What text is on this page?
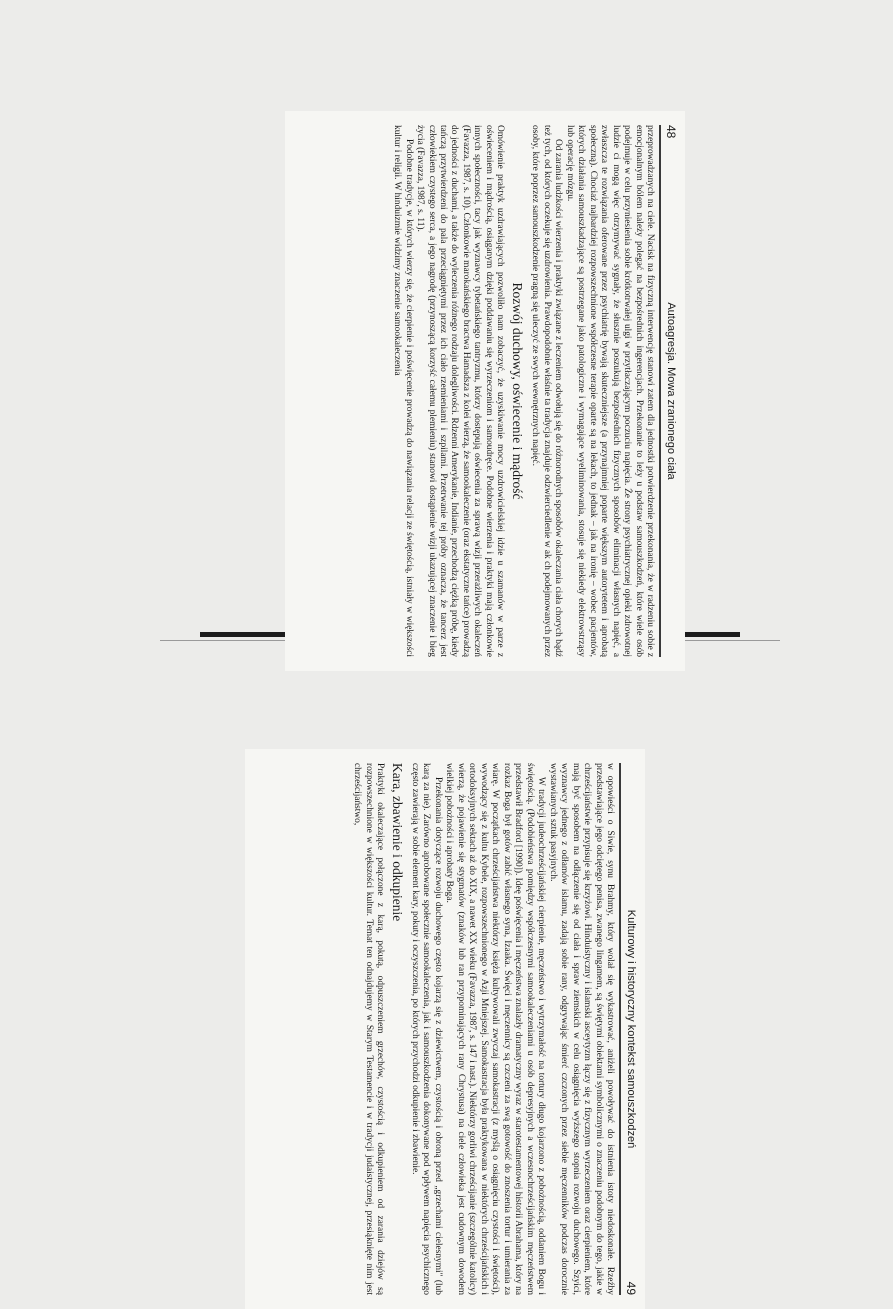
48
Autoagresja. Mowa zranionego ciała

przeprowadzanych na ciele. Nacisk na fizyczną interwencję stanowi zatem dla jednostki potwierdzenie przekonania, że w radzeniu sobie z emocjonalnym bólem należy polegać na bezpośrednich ingerencjach. Przekonanie to leży u podstaw samouszkodzeń, które wiele osób podejmuje w celu przyniesienia sobie krótkotrwałej ulgi w przytłaczającym poczuciu napięcia. Że strony psychiatrycznej opieki zdrowotnej ludzie ci mogą więc otrzymywać sygnały, że słusznie poszukują bezpośrednich fizycznych sposobów eliminacji własnych napięć, a zwłaszcza te rozwiązania oferowane przez psychiatrię bywają skuteczniejsze (a przynajmniej poparte większym autorytetem i aprobatą społeczną). Chociaż najbardziej rozpowszechnione współczesne terapie oparte są na lekach, to jednak – jak na ironię – wobec pacjentów, których działania samouszkadzające są postrzegane jako patologiczne i wymagające wyeliminowania, stosuje się niekiedy elektrowstrząsy lub operację mózgu.

Od zarania ludzkości wierzenia i praktyki związane z leczeniem odwołują się do różnorodnych sposobów okaleczania ciała chorych bądź też tych, od których oczekuje się uzdrowienia. Prawdopodobnie właśnie ta tradycja znajduje odzwierciedlenie w ak ch podejmowanych przez osoby, które poprzez samouszkodzenie pragną się uleczyć ze swych wewnętrznych napięć.

Rozwój duchowy, oświecenie i mądrość

Omówienie praktyk uzdrawiających pozwoliło nam zobaczyć, że uzyskiwanie mocy uzdrowicielskiej idzie u szamanów w parze z oświeceniem i mądrością, osiąganym dzięki poddawaniu się wyrzeczeniom i samoudręce. Podobne wierzenia i praktyki mają członkowie innych społeczności, tacy jak wyznawcy tybetańskiego tantryzmu, którzy dostępują oświecenia za sprawą wizji przerażliwych okaleczeń (Favazza, 1987, s. 10). Członkowie marokańskiego bractwa Hamadsza z kolei wierzą, że samookaleczenie (oraz ekstatyczne tańce) prowadzą do jedności z duchami, a także do wyleczenia różnego rodzaju dolegliwości. Rdzenni Amerykanie, Indianie, przechodzą ciężką próbę, kiedy tańczą przytwierdzeni do pala przeciągniętymi przez ich ciało rzemieniami i szpilami. Przetrwanie tej próby oznacza, że tancerz jest człowiekiem czystego serca, a jego nagrodę (przynoszącą korzyść całemu plemieniu) stanowi dostąpienie wizji ukazującej znaczenie i bieg życia (Favazza, 1987, s. 11).

Podobne tradycje, w których wierzy się, że cierpienie i poświęcenie prowadzą do nawiązania relacji ze świętością, istniały w większości kultur i religii. W hinduizmie widzimy znaczenie samookaleczenia

Kulturowy i historyczny kontekst samouszkodzeń
49

w opowieści o Śiwie, synu Brahmy, który wolał się wykastrować, aniżeli powoływać do istnienia istoty niedoskonałe. Rzeźby przedstawiające jego odciętego penisa, zwanego lingamem, są świętymi obiektami symbolicznymi o znaczeniu podobnym do tego, jakie w chrześcijaństwie przypisuje się krzyżowi. Hinduistyczny i islamski asceytyzm łączy się z fizycznym wyrzeczeniem oraz cierpieniem, które mają być sposobem na odłączenie się od ciała i spraw ziemskich w celu osiągnięcia wyższego stopnia rozwoju duchowego. Szyici, wyznawcy jednego z odłamów islamu, zadają sobie rany, odgrywając śmierć czczonych przez siebie męczenników podczas dorocznie wystawianych sztuk pasyjnych.

W tradycji judeochrześcijańskiej cierpienie, męczeństwo i wytrzymałość na tortury długo kojarzono z pobożnością, oddaniem Bogu i świętością. (Podobieństwa pomiędzy współczesnymi samookaleczeniami u osób depresyjnych a wczesnochrześcijańskim męczeństwem przedstawił Bradford [1990]). Ideę poświęcenia i męczeństwa znalazły dramatyczny wyraz w starotestamentowej historii Abrahama, który na rozkaz Boga był gotów zabić własnego syna, Izaaka. Święci i męczennicy są czczeni za swą gotowość do znoszenia tortur i umierania za wiarę. W początkach chrześcijaństwa niektórzy księża kultywowali zwyczaj samokastracji (z myślą o osiągnięciu czystości i świętości), wywodzący się z kultu Kybele, rozpowszechnionego w Azji Mniejszej. Samokastracja była praktykowana w niektórych chrześcijańskich i ortodoksyjnych sektach aż do XIX, a nawet XX wieku (Favazza, 1987, s. 147 i nast.). Niektórzy gorliwi chrześcijanie (szczególnie katolicy) wierzą, że pojawienie się stygmatów (znaków lub ran przypominających rany Chrystusa) na ciele człowieka jest cudownym dowodem wielkiej pobożności i aprobaty Boga.

Przekonania dotyczące rozwoju duchowego często kojarzą się z dziewictwem, czystością i obroną przed „grzechami cielesnymi" (lub karą za nie). Zarówno aprobowane społecznie samookaleczenia, jak i samouszkodzenia dokonywane pod wpływem napięcia psychicznego często zawierają w sobie element kary, pokuty i oczyszczenia, po których przychodzi odkupienie i zbawienie.

Kara, zbawienie i odkupienie

Praktyki okaleczające połączone z karą, pokutą, odpuszczeniem grzechów, czystością i odkupieniem od zarania dziejów są rozpowszechnione w większości kultur. Temat ten odnajdujemy w Starym Testamencie i w tradycji judaistycznej, przesiąknięte nim jest chrześcijaństwo,
